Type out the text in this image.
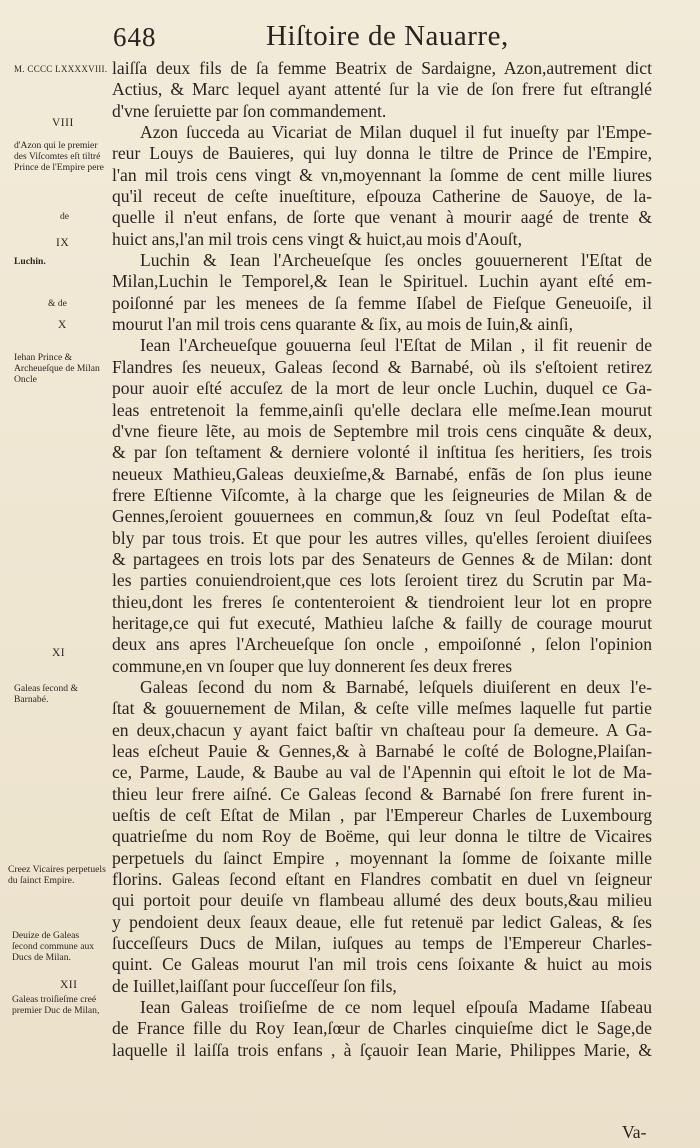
648	Hiſtoire de Nauarre,
M. CCCC LXXXXVIII.
VIII
d'Azon qui le premier des Viſcomtes eſt tiltré Prince de l'Empire pere
de
IX
Luchin.
& de
X
Iehan Prince & Archeueſque de Milan Oncle
XI
Galeas ſecond & Barnabé.
Creez Vicaires perpetuels du ſainct Empire.
Deuize de Galeas ſecond commune aux Ducs de Milan.
XII
Galeas troiſieſme creé premier Duc de Milan,
laiſſa deux fils de ſa femme Beatrix de Sardaigne, Azon,autrement dict
Actius, & Marc lequel ayant attenté ſur la vie de ſon frere fut eſtranglé
d'vne ſeruiette par ſon commandement.
Azon ſucceda au Vicariat de Milan duquel il fut inueſty par l'Empe-
reur Louys de Bauieres, qui luy donna le tiltre de Prince de l'Empire,
l'an mil trois cens vingt & vn,moyennant la ſomme de cent mille liures
qu'il receut de ceſte inueſtiture, eſpouza Catherine de Sauoye, de la-
quelle il n'eut enfans, de ſorte que venant à mourir aagé de trente &
huict ans,l'an mil trois cens vingt & huict,au mois d'Aouſt,
Luchin & Iean l'Archeueſque ſes oncles gouuernerent l'Eſtat de
Milan,Luchin le Temporel,& Iean le Spirituel. Luchin ayant eſté em-
poiſonné par les menees de ſa femme Iſabel de Fieſque Geneuoiſe, il
mourut l'an mil trois cens quarante & ſix, au mois de Iuin,& ainſi,
Iean l'Archeueſque gouuerna ſeul l'Eſtat de Milan , il fit reuenir de
Flandres ſes neueux, Galeas ſecond & Barnabé, où ils s'eſtoient retirez
pour auoir eſté accuſez de la mort de leur oncle Luchin, duquel ce Ga-
leas entretenoit la femme,ainſi qu'elle declara elle meſme.Iean mourut
d'vne fieure lẽte, au mois de Septembre mil trois cens cinquãte & deux,
& par ſon teſtament & derniere volonté il inſtitua ſes heritiers, ſes trois
neueux Mathieu,Galeas deuxieſme,& Barnabé, enfãs de ſon plus ieune
frere Eſtienne Viſcomte, à la charge que les ſeigneuries de Milan & de
Gennes,ſeroient gouuernees en commun,& ſouz vn ſeul Podeſtat eſta-
bly par tous trois. Et que pour les autres villes, qu'elles ſeroient diuiſees
& partagees en trois lots par des Senateurs de Gennes & de Milan: dont
les parties conuiendroient,que ces lots ſeroient tirez du Scrutin par Ma-
thieu,dont les freres ſe contenteroient & tiendroient leur lot en propre
heritage,ce qui fut executé, Mathieu laſche & failly de courage mourut
deux ans apres l'Archeueſque ſon oncle , empoiſonné , ſelon l'opinion
commune,en vn ſouper que luy donnerent ſes deux freres
Galeas ſecond du nom & Barnabé, leſquels diuiſerent en deux l'e-
ſtat & gouuernement de Milan, & ceſte ville meſmes laquelle fut partie
en deux,chacun y ayant faict baſtir vn chaſteau pour ſa demeure. A Ga-
leas eſcheut Pauie & Gennes,& à Barnabé le coſté de Bologne,Plaiſan-
ce, Parme, Laude, & Baube au val de l'Apennin qui eſtoit le lot de Ma-
thieu leur frere aiſné. Ce Galeas ſecond & Barnabé ſon frere furent in-
ueſtis de ceſt Eſtat de Milan , par l'Empereur Charles de Luxembourg
quatrieſme du nom Roy de Boëme, qui leur donna le tiltre de Vicaires
perpetuels du ſainct Empire , moyennant la ſomme de ſoixante mille
florins. Galeas ſecond eſtant en Flandres combatit en duel vn ſeigneur
qui portoit pour deuiſe vn flambeau allumé des deux bouts,&au milieu
y pendoient deux ſeaux deaue, elle fut retenuë par ledict Galeas, & ſes
ſucceſſeurs Ducs de Milan, iuſques au temps de l'Empereur Charles-
quint. Ce Galeas mourut l'an mil trois cens ſoixante & huict au mois
de Iuillet,laiſſant pour ſucceſſeur ſon fils,
Iean Galeas troiſieſme de ce nom lequel eſpouſa Madame Iſabeau
de France fille du Roy Iean,ſœur de Charles cinquieſme dict le Sage,de
laquelle il laiſſa trois enfans , à ſçauoir Iean Marie, Philippes Marie, &
Va-
